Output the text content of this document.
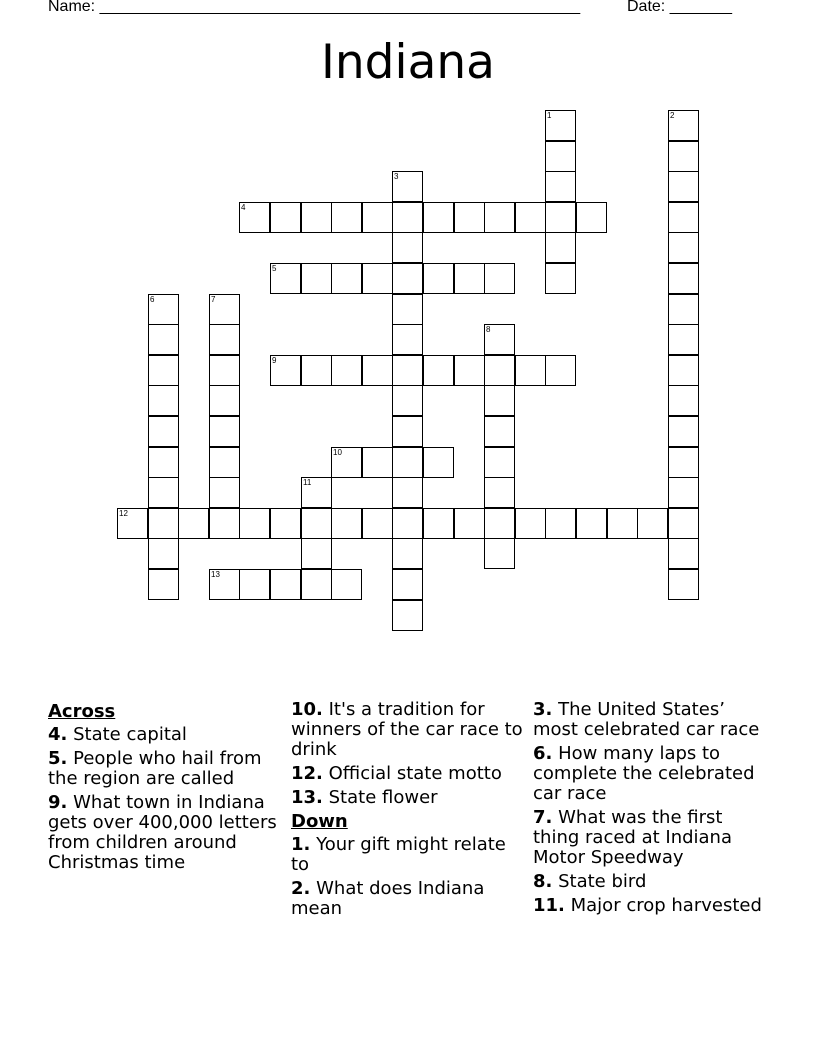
Name: ______________________________________________________	Date: _______
Indiana
1	2
3
4
5
6	7
8
9
10
11
12
13
Across
4. State capital
5. People who hail from the region are called
9. What town in Indiana gets over 400,000 letters from children around Christmas time
10. It's a tradition for winners of the car race to drink
12. Official state motto
13. State flower
Down
1. Your gift might relate to
2. What does Indiana mean
3. The United States’ most celebrated car race
6. How many laps to complete the celebrated car race
7. What was the first thing raced at Indiana Motor Speedway
8. State bird
11. Major crop harvested
